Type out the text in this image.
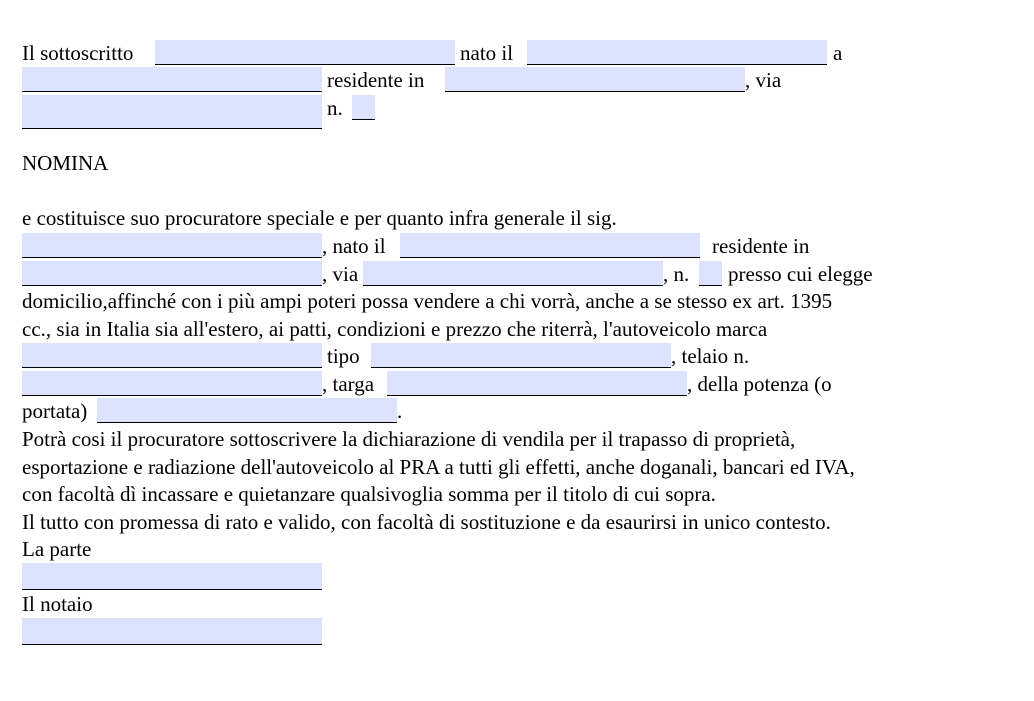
Il sottoscritto	nato il	a
residente in	, via
n.
NOMINA
e costituisce suo procuratore speciale e per quanto infra generale il sig.
, nato il	residente in
, via	, n. presso cui elegge
domicilio,affinché con i più ampi poteri possa vendere a chi vorrà, anche a se stesso ex art. 1395
cc., sia in Italia sia all'estero, ai patti, condizioni e prezzo che riterrà, l'autoveicolo marca
tipo	, telaio n.
, targa	, della potenza (o
portata)	.
Potrà cosi il procuratore sottoscrivere la dichiarazione di vendila per il trapasso di proprietà,
esportazione e radiazione dell'autoveicolo al PRA a tutti gli effetti, anche doganali, bancari ed IVA,
con facoltà dì incassare e quietanzare qualsivoglia somma per il titolo di cui sopra.
Il tutto con promessa di rato e valido, con facoltà di sostituzione e da esaurirsi in unico contesto.
La parte
Il notaio
